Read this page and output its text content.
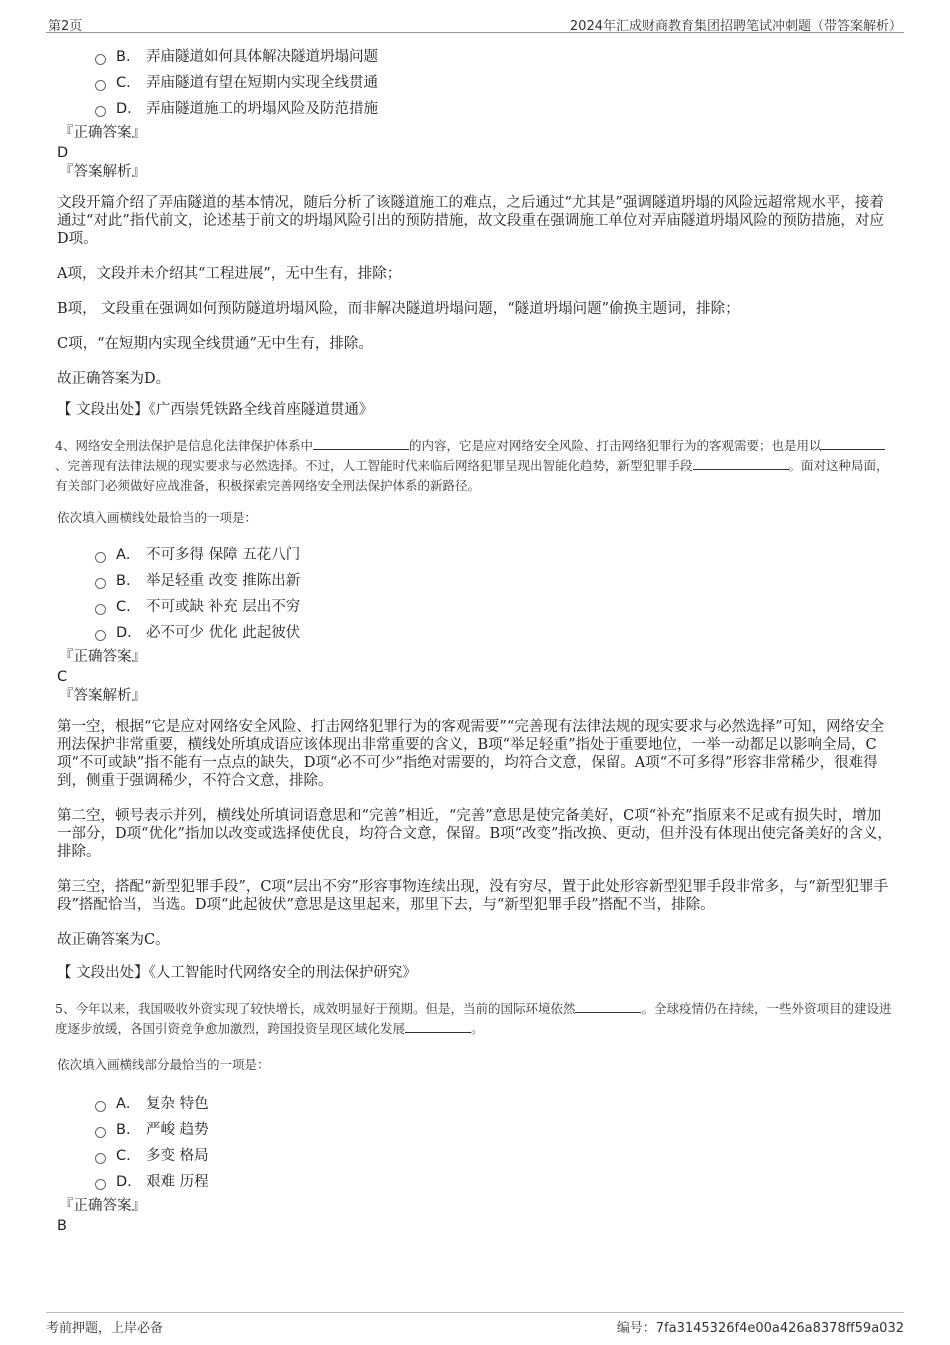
第2页	2024年汇成财商教育集团招聘笔试冲刺题（带答案解析）
B. 弄庙隧道如何具体解决隧道坍塌问题
C. 弄庙隧道有望在短期内实现全线贯通
D. 弄庙隧道施工的坍塌风险及防范措施
『正确答案』
D
『答案解析』

文段开篇介绍了弄庙隧道的基本情况，随后分析了该隧道施工的难点，之后通过“尤其是”强调隧道坍塌的风险远超常规水平，接着通过“对此”指代前文，论述基于前文的坍塌风险引出的预防措施，故文段重在强调施工单位对弄庙隧道坍塌风险的预防措施，对应D项。

A项，文段并未介绍其“工程进展”，无中生有，排除；

B项， 文段重在强调如何预防隧道坍塌风险，而非解决隧道坍塌问题，“隧道坍塌问题”偷换主题词，排除；

C项，“在短期内实现全线贯通”无中生有，排除。

故正确答案为D。

【 文段出处】《广西崇凭铁路全线首座隧道贯通》

4、网络安全刑法保护是信息化法律保护体系中	的内容，它是应对网络安全风险、打击网络犯罪行为的客观需要；也是用以、完善现有法律法规的现实要求与必然选择。不过，人工智能时代来临后网络犯罪呈现出智能化趋势，新型犯罪手段	。面对这种局面，有关部门必须做好应战准备，积极探索完善网络安全刑法保护体系的新路径。

依次填入画横线处最恰当的一项是：
A． 不可多得 保障 五花八门
B. 举足轻重 改变 推陈出新
C. 不可或缺 补充 层出不穷
D. 必不可少 优化 此起彼伏
『正确答案』
C
『答案解析』

第一空，根据“它是应对网络安全风险、打击网络犯罪行为的客观需要”“完善现有法律法规的现实要求与必然选择”可知，网络安全刑法保护非常重要，横线处所填成语应该体现出非常重要的含义，B项“举足轻重”指处于重要地位，一举一动都足以影响全局，C项“不可或缺”指不能有一点点的缺失，D项“必不可少”指绝对需要的，均符合文意，保留。A项“不可多得”形容非常稀少，很难得到，侧重于强调稀少，不符合文意，排除。

第二空，顿号表示并列，横线处所填词语意思和“完善”相近，“完善”意思是使完备美好，C项“补充”指原来不足或有损失时，增加一部分，D项“优化”指加以改变或选择使优良，均符合文意，保留。B项“改变”指改换、更动，但并没有体现出使完备美好的含义，排除。

第三空，搭配“新型犯罪手段”，C项“层出不穷”形容事物连续出现，没有穷尽，置于此处形容新型犯罪手段非常多，与“新型犯罪手段”搭配恰当，当选。D项“此起彼伏”意思是这里起来，那里下去，与“新型犯罪手段”搭配不当，排除。

故正确答案为C。

【 文段出处】《人工智能时代网络安全的刑法保护研究》

5、今年以来，我国吸收外资实现了较快增长，成效明显好于预期。但是，当前的国际环境依然	。全球疫情仍在持续，一些外资项目的建设进度逐步放缓，各国引资竞争愈加激烈，跨国投资呈现区域化发展	。

依次填入画横线部分最恰当的一项是：
A． 复杂 特色
B. 严峻 趋势
C. 多变 格局
D. 艰难 历程
『正确答案』
B
考前押题，上岸必备	编号：7fa3145326f4e00a426a8378ff59a032
